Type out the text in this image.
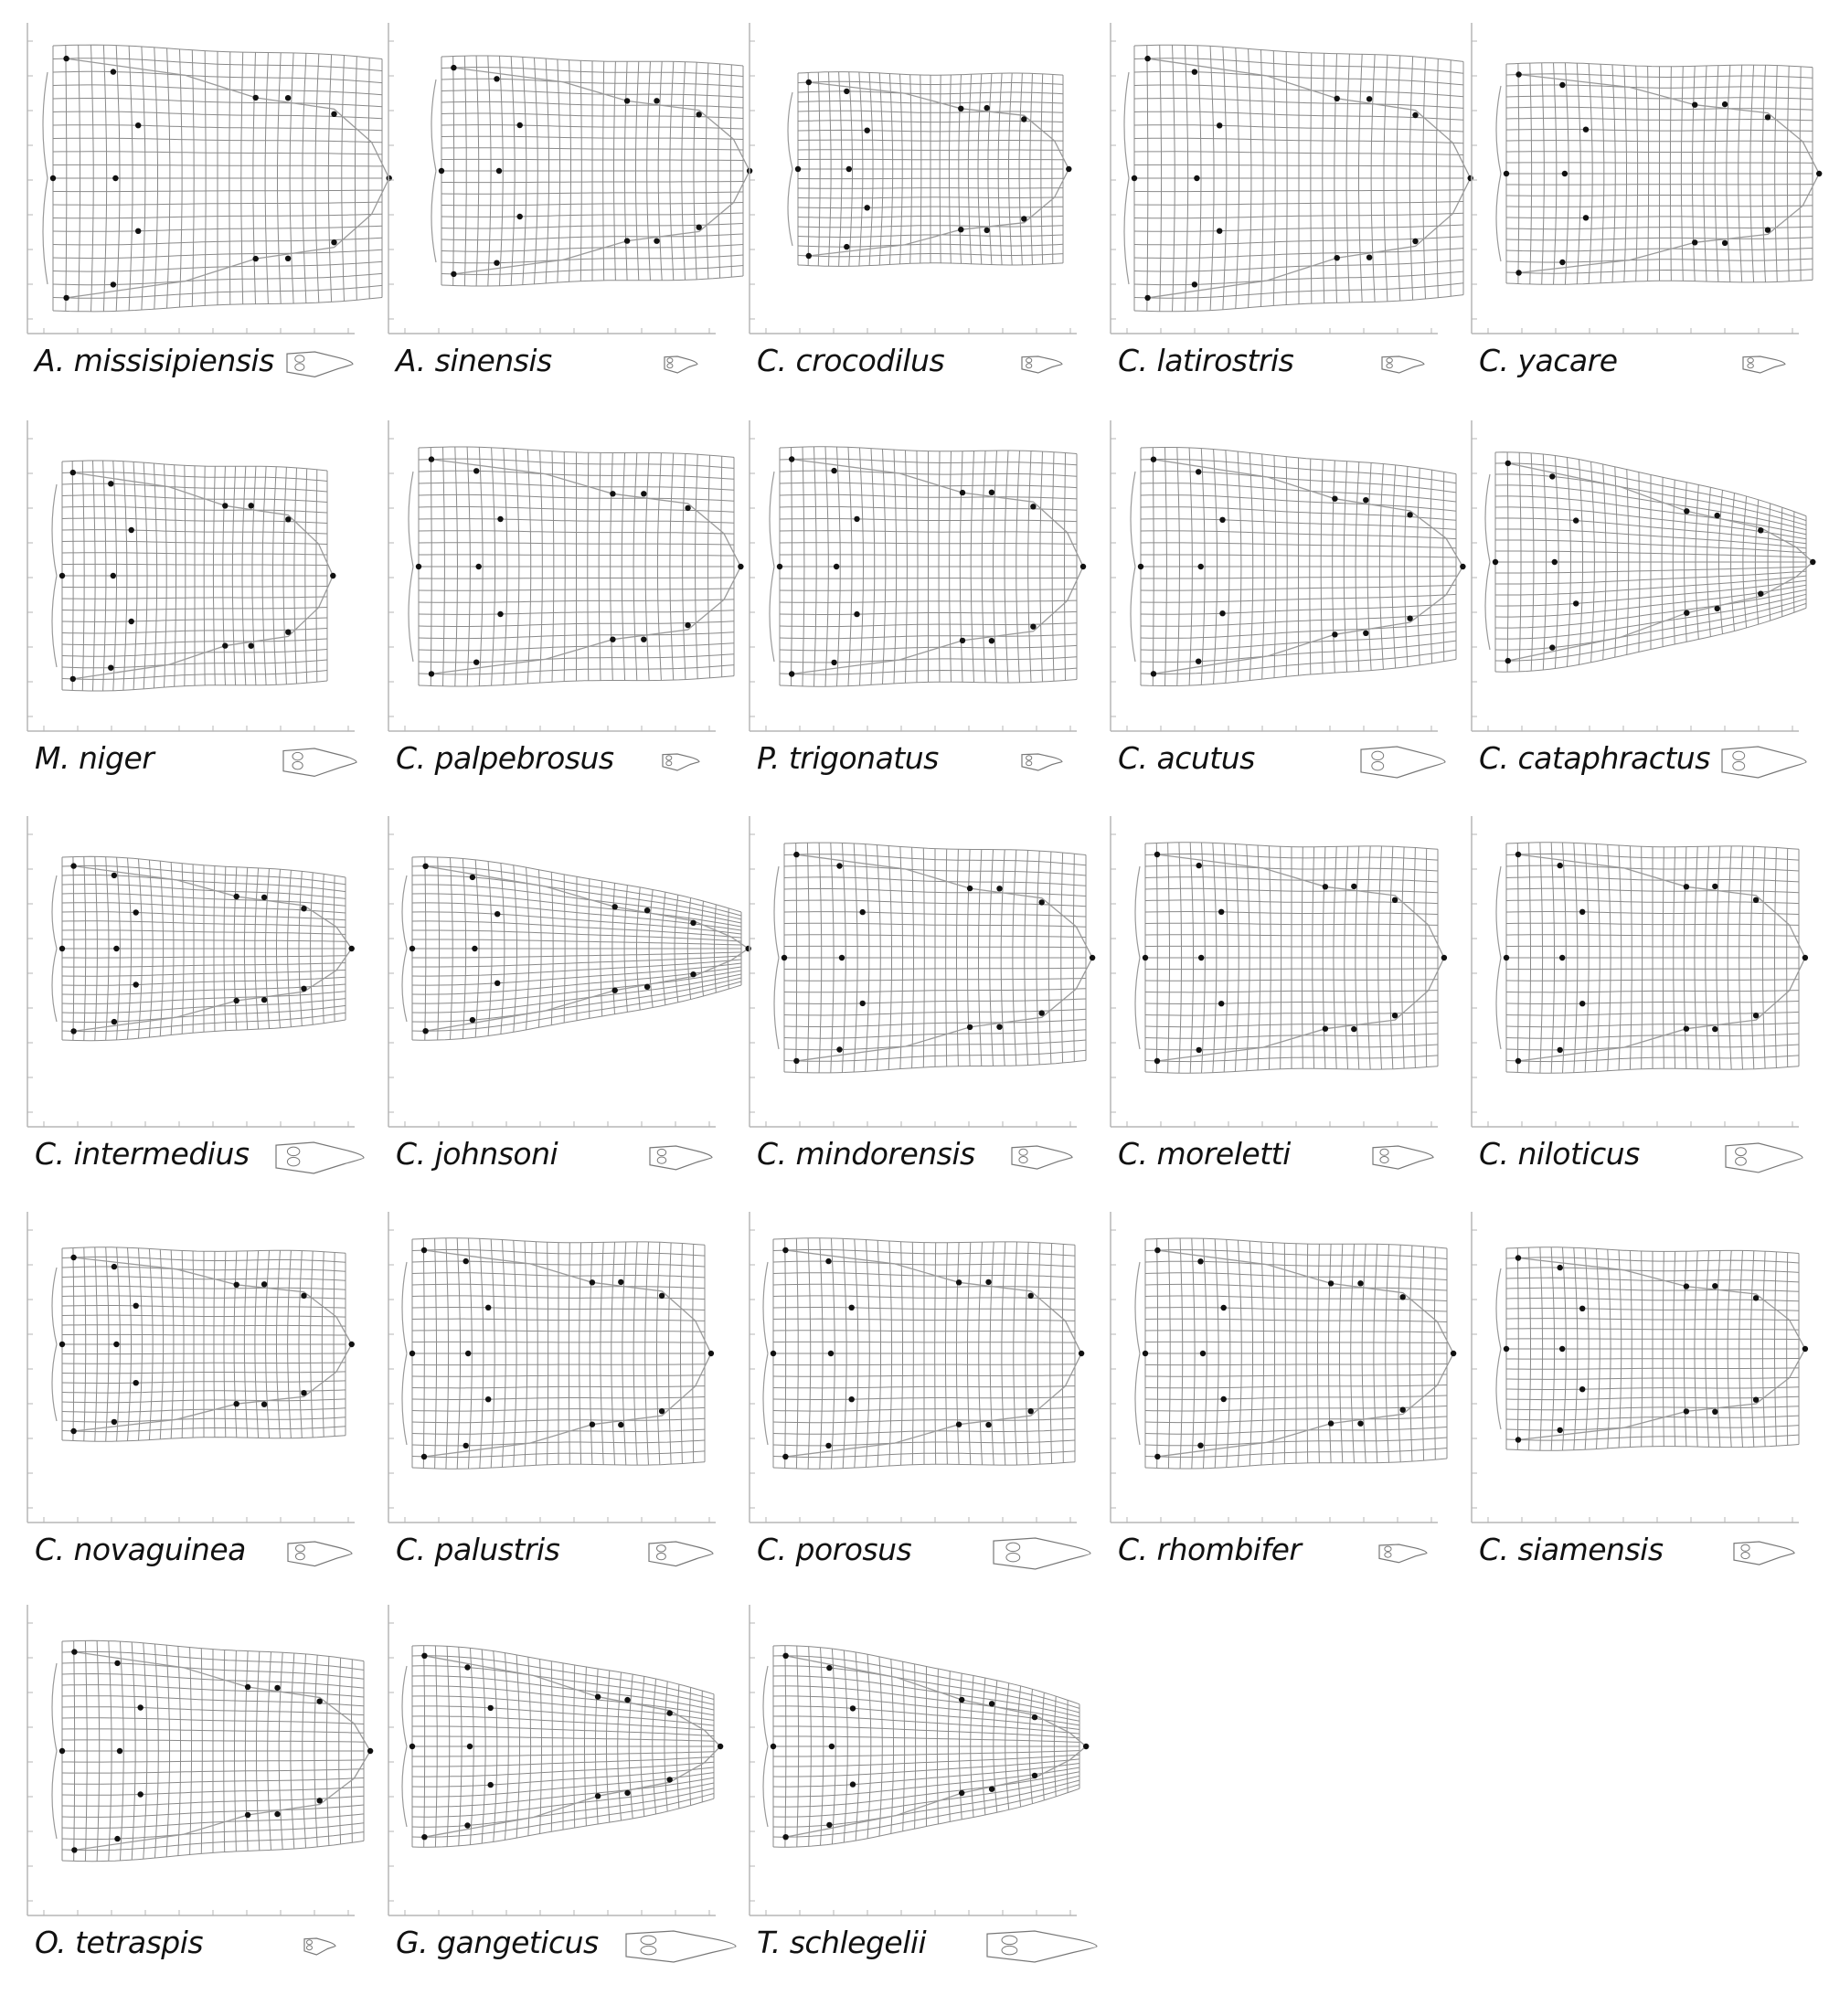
A. missisipiensis	A. sinensis	C. crocodilus	C. latirostris	C. yacare
M. niger	C. palpebrosus	P. trigonatus	C. acutus	C. cataphractus
C. intermedius	C. johnsoni	C. mindorensis	C. moreletti	C. niloticus
C. novaguinea	C. palustris	C. porosus	C. rhombifer	C. siamensis
O. tetraspis	G. gangeticus	T. schlegelii
